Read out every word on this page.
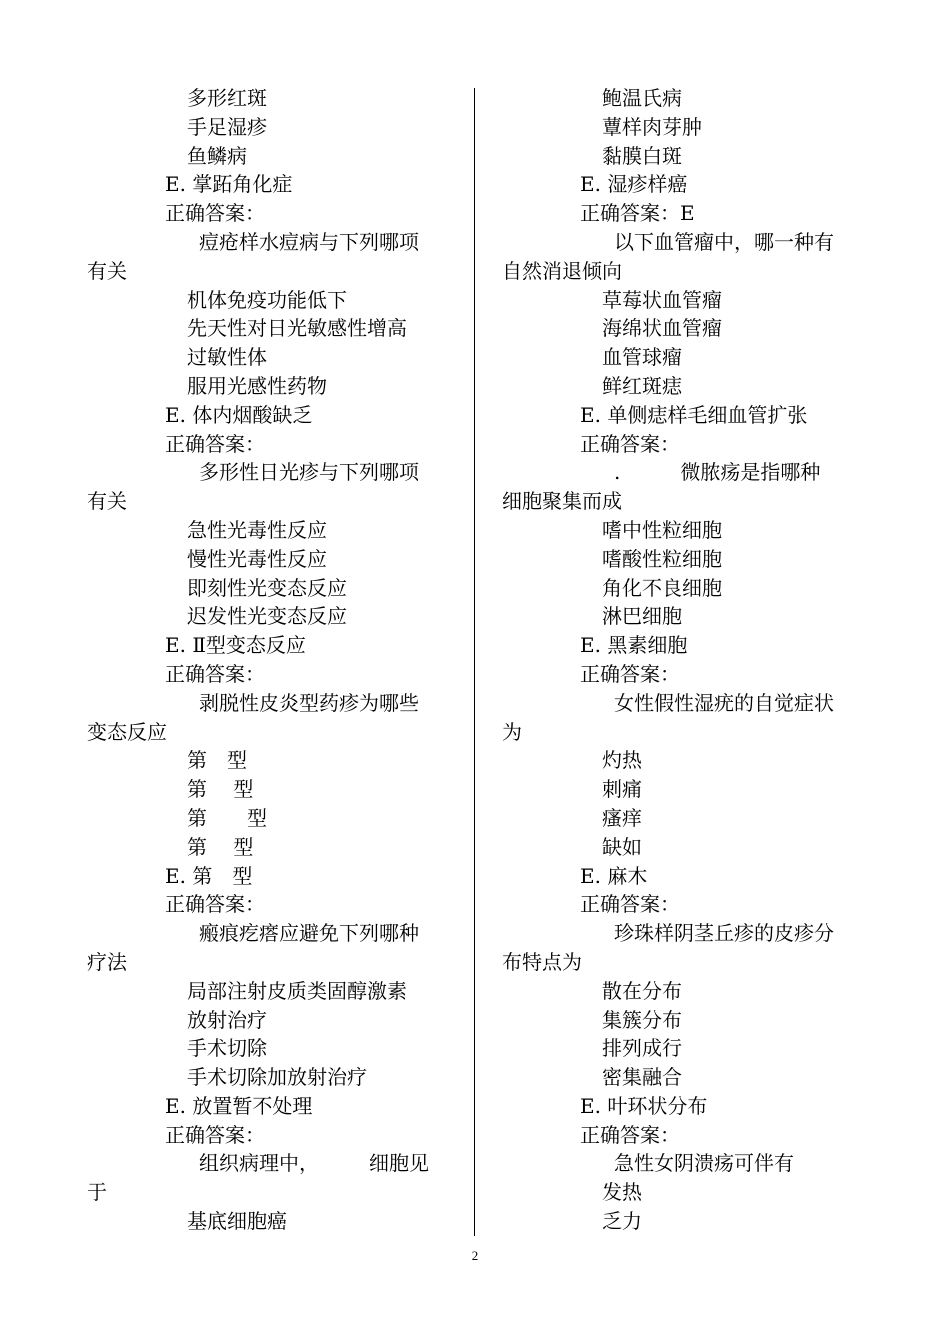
多形红斑
手足湿疹
鱼鳞病
E. 掌跖角化症
正确答案：
痘疮样水痘病与下列哪项
有关
机体免疫功能低下
先天性对日光敏感性增高
过敏性体
服用光感性药物
E. 体内烟酸缺乏
正确答案：
多形性日光疹与下列哪项
有关
急性光毒性反应
慢性光毒性反应
即刻性光变态反应
迟发性光变态反应
E. Ⅱ型变态反应
正确答案：
剥脱性皮炎型药疹为哪些
变态反应
第　型
第　 型
第　　型
第　 型
E. 第　型
正确答案：
瘢痕疙瘩应避免下列哪种
疗法
局部注射皮质类固醇激素
放射治疗
手术切除
手术切除加放射治疗
E. 放置暂不处理
正确答案：
组织病理中，　　　细胞见
于
基底细胞癌
鲍温氏病
蕈样肉芽肿
黏膜白斑
E. 湿疹样癌
正确答案：E
以下血管瘤中，哪一种有
自然消退倾向
草莓状血管瘤
海绵状血管瘤
血管球瘤
鲜红斑痣
E. 单侧痣样毛细血管扩张
正确答案：
.　　　微脓疡是指哪种
细胞聚集而成
嗜中性粒细胞
嗜酸性粒细胞
角化不良细胞
淋巴细胞
E. 黑素细胞
正确答案：
女性假性湿疣的自觉症状
为
灼热
刺痛
瘙痒
缺如
E. 麻木
正确答案：
珍珠样阴茎丘疹的皮疹分
布特点为
散在分布
集簇分布
排列成行
密集融合
E. 叶环状分布
正确答案：
急性女阴溃疡可伴有
发热
乏力
2
